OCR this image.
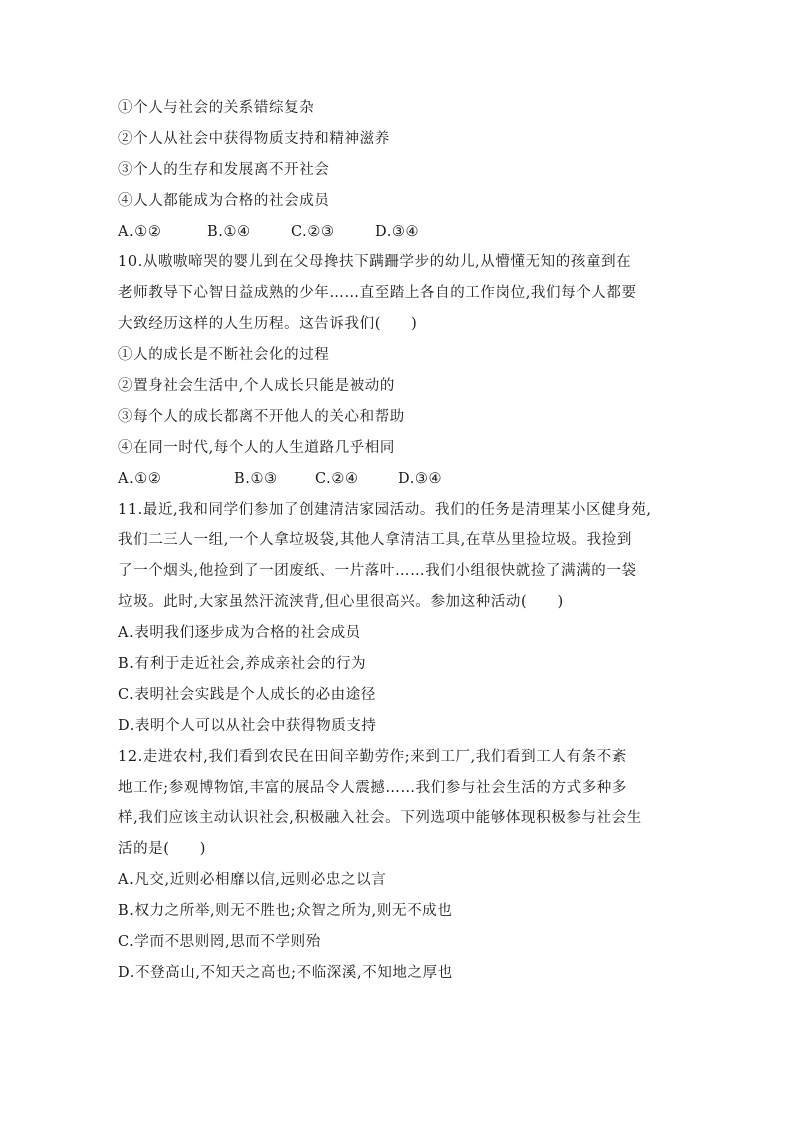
①个人与社会的关系错综复杂
②个人从社会中获得物质支持和精神滋养
③个人的生存和发展离不开社会
④人人都能成为合格的社会成员
A.①②	B.①④	C.②③	D.③④
10.从嗷嗷啼哭的婴儿到在父母搀扶下蹒跚学步的幼儿,从懵懂无知的孩童到在
老师教导下心智日益成熟的少年……直至踏上各自的工作岗位,我们每个人都要
大致经历这样的人生历程。这告诉我们(　　)
①人的成长是不断社会化的过程
②置身社会生活中,个人成长只能是被动的
③每个人的成长都离不开他人的关心和帮助
④在同一时代,每个人的人生道路几乎相同
A.①②	B.①③	C.②④	D.③④
11.最近,我和同学们参加了创建清洁家园活动。我们的任务是清理某小区健身苑,
我们二三人一组,一个人拿垃圾袋,其他人拿清洁工具,在草丛里捡垃圾。我捡到
了一个烟头,他捡到了一团废纸、一片落叶……我们小组很快就捡了满满的一袋
垃圾。此时,大家虽然汗流浃背,但心里很高兴。参加这种活动(　　)
A.表明我们逐步成为合格的社会成员
B.有利于走近社会,养成亲社会的行为
C.表明社会实践是个人成长的必由途径
D.表明个人可以从社会中获得物质支持
12.走进农村,我们看到农民在田间辛勤劳作;来到工厂,我们看到工人有条不紊
地工作;参观博物馆,丰富的展品令人震撼……我们参与社会生活的方式多种多
样,我们应该主动认识社会,积极融入社会。下列选项中能够体现积极参与社会生
活的是(　　)
A.凡交,近则必相靡以信,远则必忠之以言
B.权力之所举,则无不胜也;众智之所为,则无不成也
C.学而不思则罔,思而不学则殆
D.不登高山,不知天之高也;不临深溪,不知地之厚也
